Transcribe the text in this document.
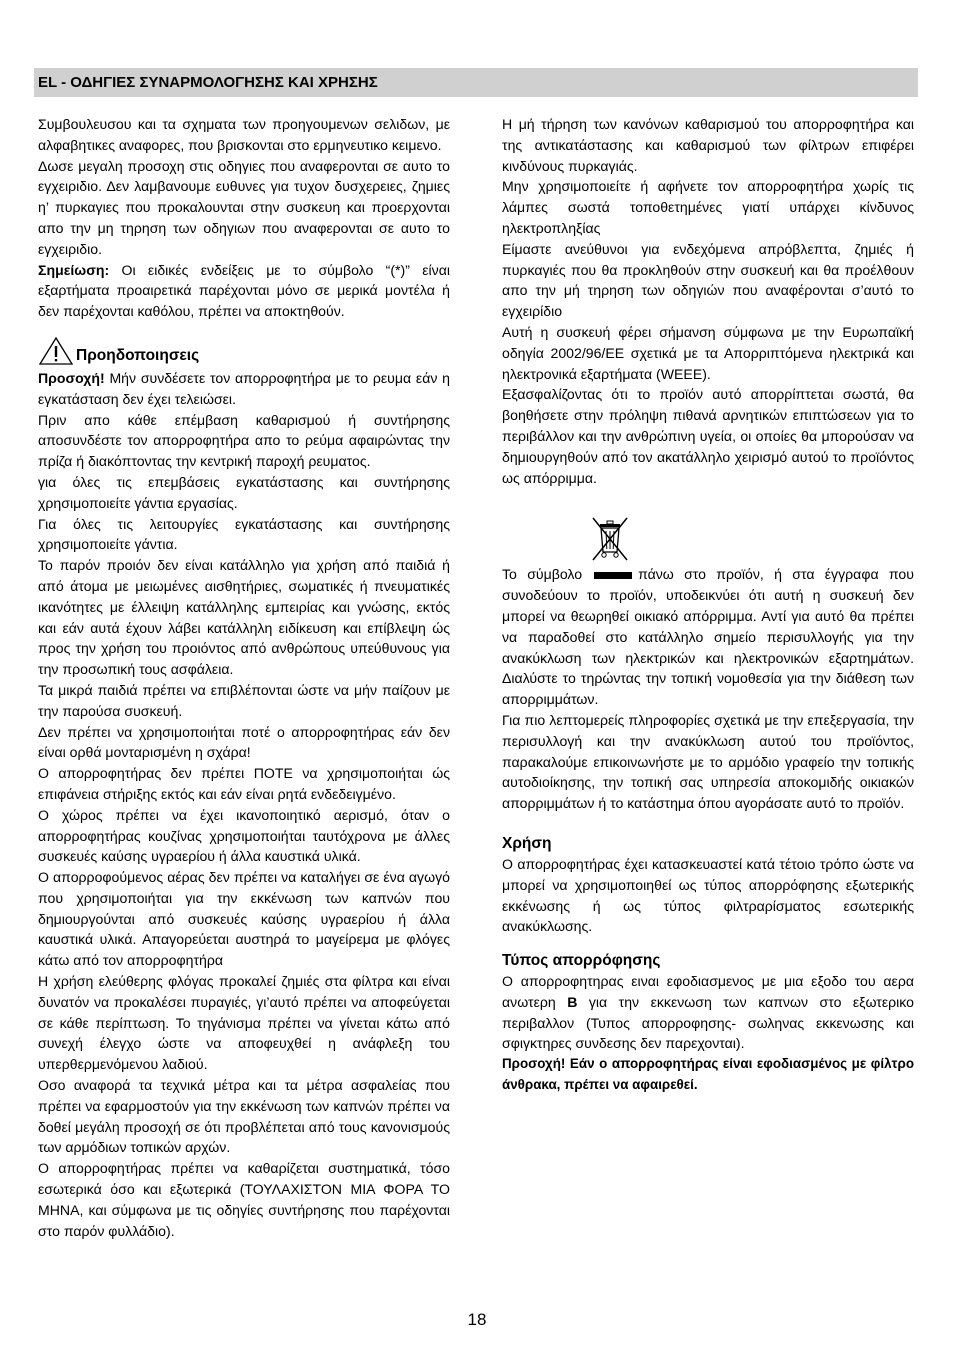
EL - ΟΔΗΓΙΕΣ ΣΥΝΑΡΜΟΛΟΓΗΣΗΣ ΚΑΙ ΧΡΗΣΗΣ

Συμβουλευσου και τα σχηματα των προηγουμενων σελιδων, με αλφαβητικες αναφορες, που βρισκονται στο ερμηνευτικο κειμενο.

Δωσε μεγαλη προσοχη στις οδηγιες που αναφερονται σε αυτο το εγχειριδιο. Δεν λαμβανουμε ευθυνες για τυχον δυσχερειες, ζημιες η’ πυρκαγιες που προκαλουνται στην συσκευη και προερχονται απο την μη τηρηση των οδηγιων που αναφερονται σε αυτο το εγχειριδιο.

Σημείωση: Οι ειδικές ενδείξεις με το σύμβολο “(*)” είναι εξαρτήματα προαιρετικά παρέχονται μόνο σε μερικά μοντέλα ή δεν παρέχονται καθόλου, πρέπει να αποκτηθούν.

Προηδοποιησεις

Προσοχή! Μήν συνδέσετε τον απορροφητήρα με το ρευμα εάν η εγκατάσταση δεν έχει τελειώσει.

Πριν απο κάθε επέμβαση καθαρισμού ή συντήρησης αποσυνδέστε τον απορροφητήρα απο το ρεύμα αφαιρώντας την πρίζα ή διακόπτοντας την κεντρική παροχή ρευματος.

για όλες τις επεμβάσεις εγκατάστασης και συντήρησης χρησιμοποιείτε γάντια εργασίας.

Για όλες τις λειτουργίες εγκατάστασης και συντήρησης χρησιμοποιείτε γάντια.

Το παρόν προιόν δεν είναι κατάλληλο για χρήση από παιδιά ή από άτομα με μειωμένες αισθητήριες, σωματικές ή πνευματικές ικανότητες με έλλειψη κατάλληλης εμπειρίας και γνώσης, εκτός και εάν αυτά έχουν λάβει κατάλληλη ειδίκευση και επίβλεψη ώς προς την χρήση του προιόντος από ανθρώπους υπεύθυνους για την προσωπική τους ασφάλεια.

Τα μικρά παιδιά πρέπει να επιβλέπονται ώστε να μήν παίζουν με την παρούσα συσκευή.

Δεν πρέπει να χρησιμοποιήται ποτέ ο απορροφητήρας εάν δεν είναι ορθά μονταρισμένη η σχάρα!

Ο απορροφητήρας δεν πρέπει ΠΟΤΕ να χρησιμοποιήται ώς επιφάνεια στήριξης εκτός και εάν είναι ρητά ενδεδειγμένο.

Ο χώρος πρέπει να έχει ικανοποιητικό αερισμό, όταν ο απορροφητήρας κουζίνας χρησιμοποιήται ταυτόχρονα με άλλες συσκευές καύσης υγραερίου ή άλλα καυστικά υλικά.

Ο απορροφούμενος αέρας δεν πρέπει να καταλήγει σε ένα αγωγό που χρησιμοποιήται για την εκκένωση των καπνών που δημιουργούνται από συσκευές καύσης υγραερίου ή άλλα καυστικά υλικά. Απαγορεύεται αυστηρά το μαγείρεμα με φλόγες κάτω από τον απορροφητήρα

Η χρήση ελεύθερης φλόγας προκαλεί ζημιές στα φίλτρα και είναι δυνατόν να προκαλέσει πυραγιές, γι’αυτό πρέπει να αποφεύγεται σε κάθε περίπτωση. Το τηγάνισμα πρέπει να γίνεται κάτω από συνεχή έλεγχο ώστε να αποφευχθεί η ανάφλεξη του υπερθερμενόμενου λαδιού.

Οσο αναφορά τα τεχνικά μέτρα και τα μέτρα ασφαλείας που πρέπει να εφαρμοστούν για την εκκένωση των καπνών πρέπει να δοθεί μεγάλη προσοχή σε ότι προβλέπεται από τους κανονισμούς των αρμόδιων τοπικών αρχών.

Ο απορροφητήρας πρέπει να καθαρίζεται συστηματικά, τόσο εσωτερικά όσο και εξωτερικά (ΤΟΥΛΑΧΙΣΤΟΝ ΜΙΑ ΦΟΡΑ ΤΟ ΜΗΝΑ, και σύμφωνα με τις οδηγίες συντήρησης που παρέχονται στο παρόν φυλλάδιο).

Η μή τήρηση των κανόνων καθαρισμού του απορροφητήρα και της αντικατάστασης και καθαρισμού των φίλτρων επιφέρει κινδύνους πυρκαγιάς.

Μην χρησιμοποιείτε ή αφήνετε τον απορροφητήρα χωρίς τις λάμπες σωστά τοποθετημένες γιατί υπάρχει κίνδυνος ηλεκτροπληξίας

Είμαστε ανεύθυνοι για ενδεχόμενα απρόβλεπτα, ζημιές ή πυρκαγιές που θα προκληθούν στην συσκευή και θα προέλθουν απο την μή τηρηση των οδηγιών που αναφέρονται σ’αυτό το εγχειρίδιο

Αυτή η συσκευή φέρει σήμανση σύμφωνα με την Ευρωπαϊκή οδηγία 2002/96/ΕΕ σχετικά με τα Απορριπτόμενα ηλεκτρικά και ηλεκτρονικά εξαρτήματα (WEEE).

Εξασφαλίζοντας ότι το προϊόν αυτό απορρίπτεται σωστά, θα βοηθήσετε στην πρόληψη πιθανά αρνητικών επιπτώσεων για το περιβάλλον και την ανθρώπινη υγεία, οι οποίες θα μπορούσαν να δημιουργηθούν από τον ακατάλληλο χειρισμό αυτού το προϊόντος ως απόρριμμα.

Το σύμβολο	πάνω στο προϊόν, ή στα έγγραφα που συνοδεύουν το προϊόν, υποδεικνύει ότι αυτή η συσκευή δεν μπορεί να θεωρηθεί οικιακό απόρριμμα. Αντί για αυτό θα πρέπει να παραδοθεί στο κατάλληλο σημείο περισυλλογής για την ανακύκλωση των ηλεκτρικών και ηλεκτρονικών εξαρτημάτων. Διαλύστε το τηρώντας την τοπική νομοθεσία για την διάθεση των απορριμμάτων.

Για πιο λεπτομερείς πληροφορίες σχετικά με την επεξεργασία, την περισυλλογή και την ανακύκλωση αυτού του προϊόντος, παρακαλούμε επικοινωνήστε με το αρμόδιο γραφείο την τοπικής αυτοδιοίκησης, την τοπική σας υπηρεσία αποκομιδής οικιακών απορριμμάτων ή το κατάστημα όπου αγοράσατε αυτό το προϊόν.

Χρήση

Ο απορροφητήρας έχει κατασκευαστεί κατά τέτοιο τρόπο ώστε να μπορεί να χρησιμοποιηθεί ως τύπος απορρόφησης εξωτερικής εκκένωσης ή ως τύπος φιλτραρίσματος εσωτερικής ανακύκλωσης.

Τύπος απορρόφησης

Ο απορροφητηρας ειναι εφοδιασμενος με μια εξοδο του αερα ανωτερη B για την εκκενωση των καπνων στο εξωτερικο περιβαλλον (Τυπος απορροφησης- σωληνας εκκενωσης και σφιγκτηρες συνδεσης δεν παρεχονται).

Προσοχή! Εάν ο απορροφητήρας είναι εφοδιασμένος με φίλτρο άνθρακα, πρέπει να αφαιρεθεί.

18
